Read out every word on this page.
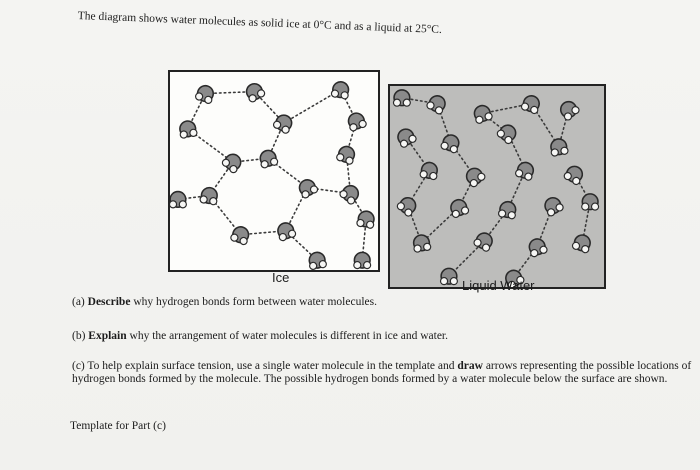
The diagram shows water molecules as solid ice at 0°C and as a liquid at 25°C.
Ice
Liquid Water
(a) Describe why hydrogen bonds form between water molecules.
(b) Explain why the arrangement of water molecules is different in ice and water.
(c) To help explain surface tension, use a single water molecule in the template and draw arrows representing the possible locations of hydrogen bonds formed by the molecule. The possible hydrogen bonds formed by a water molecule below the surface are shown.
Template for Part (c)
